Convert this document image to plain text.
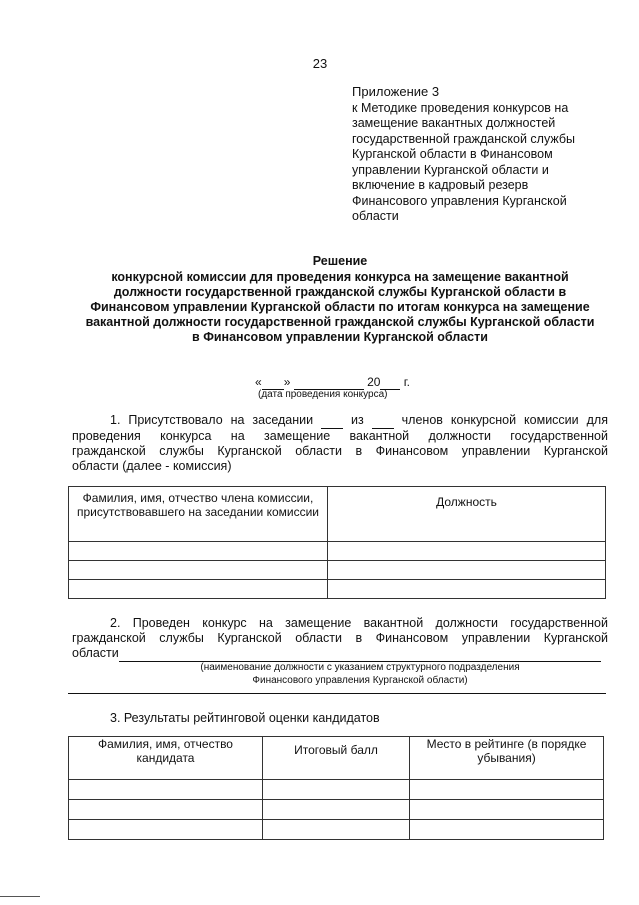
23
Приложение 3
к Методике проведения конкурсов на
замещение вакантных должностей
государственной гражданской службы
Курганской области в Финансовом
управлении Курганской области и
включение в кадровый резерв
Финансового управления Курганской
области
Решение
конкурсной комиссии для проведения конкурса на замещение вакантной
должности государственной гражданской службы Курганской области в
Финансовом управлении Курганской области по итогам конкурса на замещение
вакантной должности государственной гражданской службы Курганской области
в Финансовом управлении Курганской области
« »	20 г.
(дата проведения конкурса)
1. Присутствовало на заседании	из	членов конкурсной комиссии для
проведения конкурса на замещение вакантной должности государственной
гражданской службы Курганской области в Финансовом управлении Курганской
области (далее - комиссия)
Фамилия, имя, отчество члена комиссии, присутствовавшего на заседании комиссии	Должность

2. Проведен конкурс на замещение вакантной должности государственной
гражданской службы Курганской области в Финансовом управлении Курганской
области
(наименование должности с указанием структурного подразделения
Финансового управления Курганской области)
3. Результаты рейтинговой оценки кандидатов
Фамилия, имя, отчество кандидата	Итоговый балл	Место в рейтинге (в порядке убывания)
